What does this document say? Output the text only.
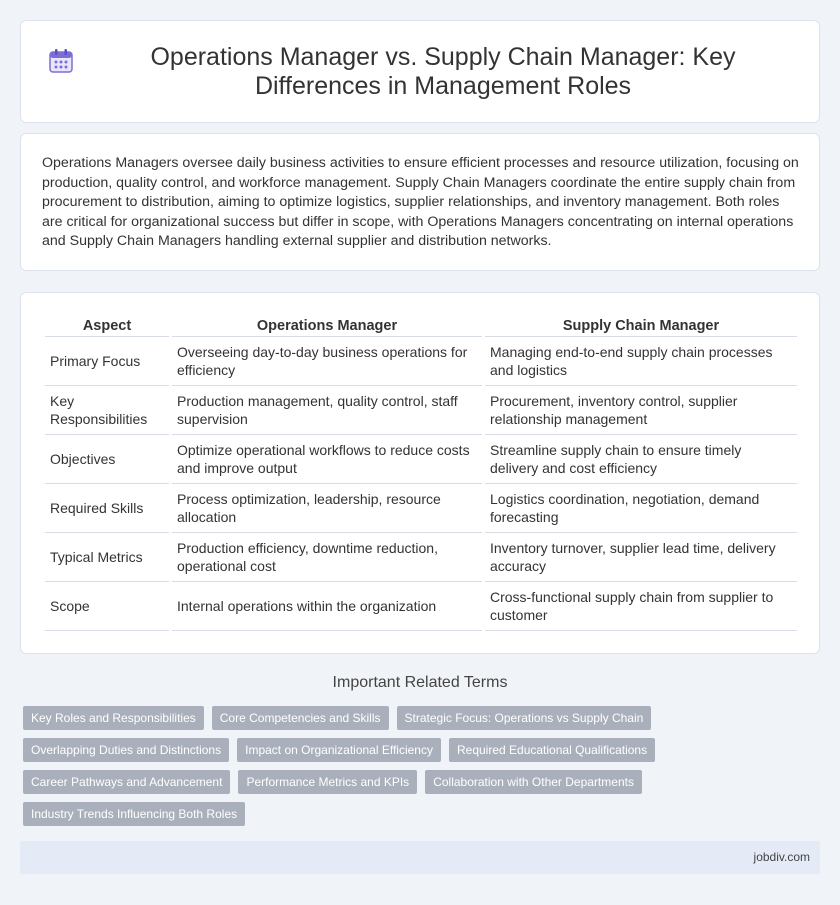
Operations Manager vs. Supply Chain Manager: Key Differences in Management Roles

Operations Managers oversee daily business activities to ensure efficient processes and resource utilization, focusing on production, quality control, and workforce management. Supply Chain Managers coordinate the entire supply chain from procurement to distribution, aiming to optimize logistics, supplier relationships, and inventory management. Both roles are critical for organizational success but differ in scope, with Operations Managers concentrating on internal operations and Supply Chain Managers handling external supplier and distribution networks.

Aspect	Operations Manager	Supply Chain Manager
Primary Focus	Overseeing day-to-day business operations for efficiency	Managing end-to-end supply chain processes and logistics
Key Responsibilities	Production management, quality control, staff supervision	Procurement, inventory control, supplier relationship management
Objectives	Optimize operational workflows to reduce costs and improve output	Streamline supply chain to ensure timely delivery and cost efficiency
Required Skills	Process optimization, leadership, resource allocation	Logistics coordination, negotiation, demand forecasting
Typical Metrics	Production efficiency, downtime reduction, operational cost	Inventory turnover, supplier lead time, delivery accuracy
Scope	Internal operations within the organization	Cross-functional supply chain from supplier to customer
Important Related Terms
Key Roles and Responsibilities	Core Competencies and Skills	Strategic Focus: Operations vs Supply Chain
Overlapping Duties and Distinctions	Impact on Organizational Efficiency	Required Educational Qualifications
Career Pathways and Advancement	Performance Metrics and KPIs	Collaboration with Other Departments
Industry Trends Influencing Both Roles
jobdiv.com
